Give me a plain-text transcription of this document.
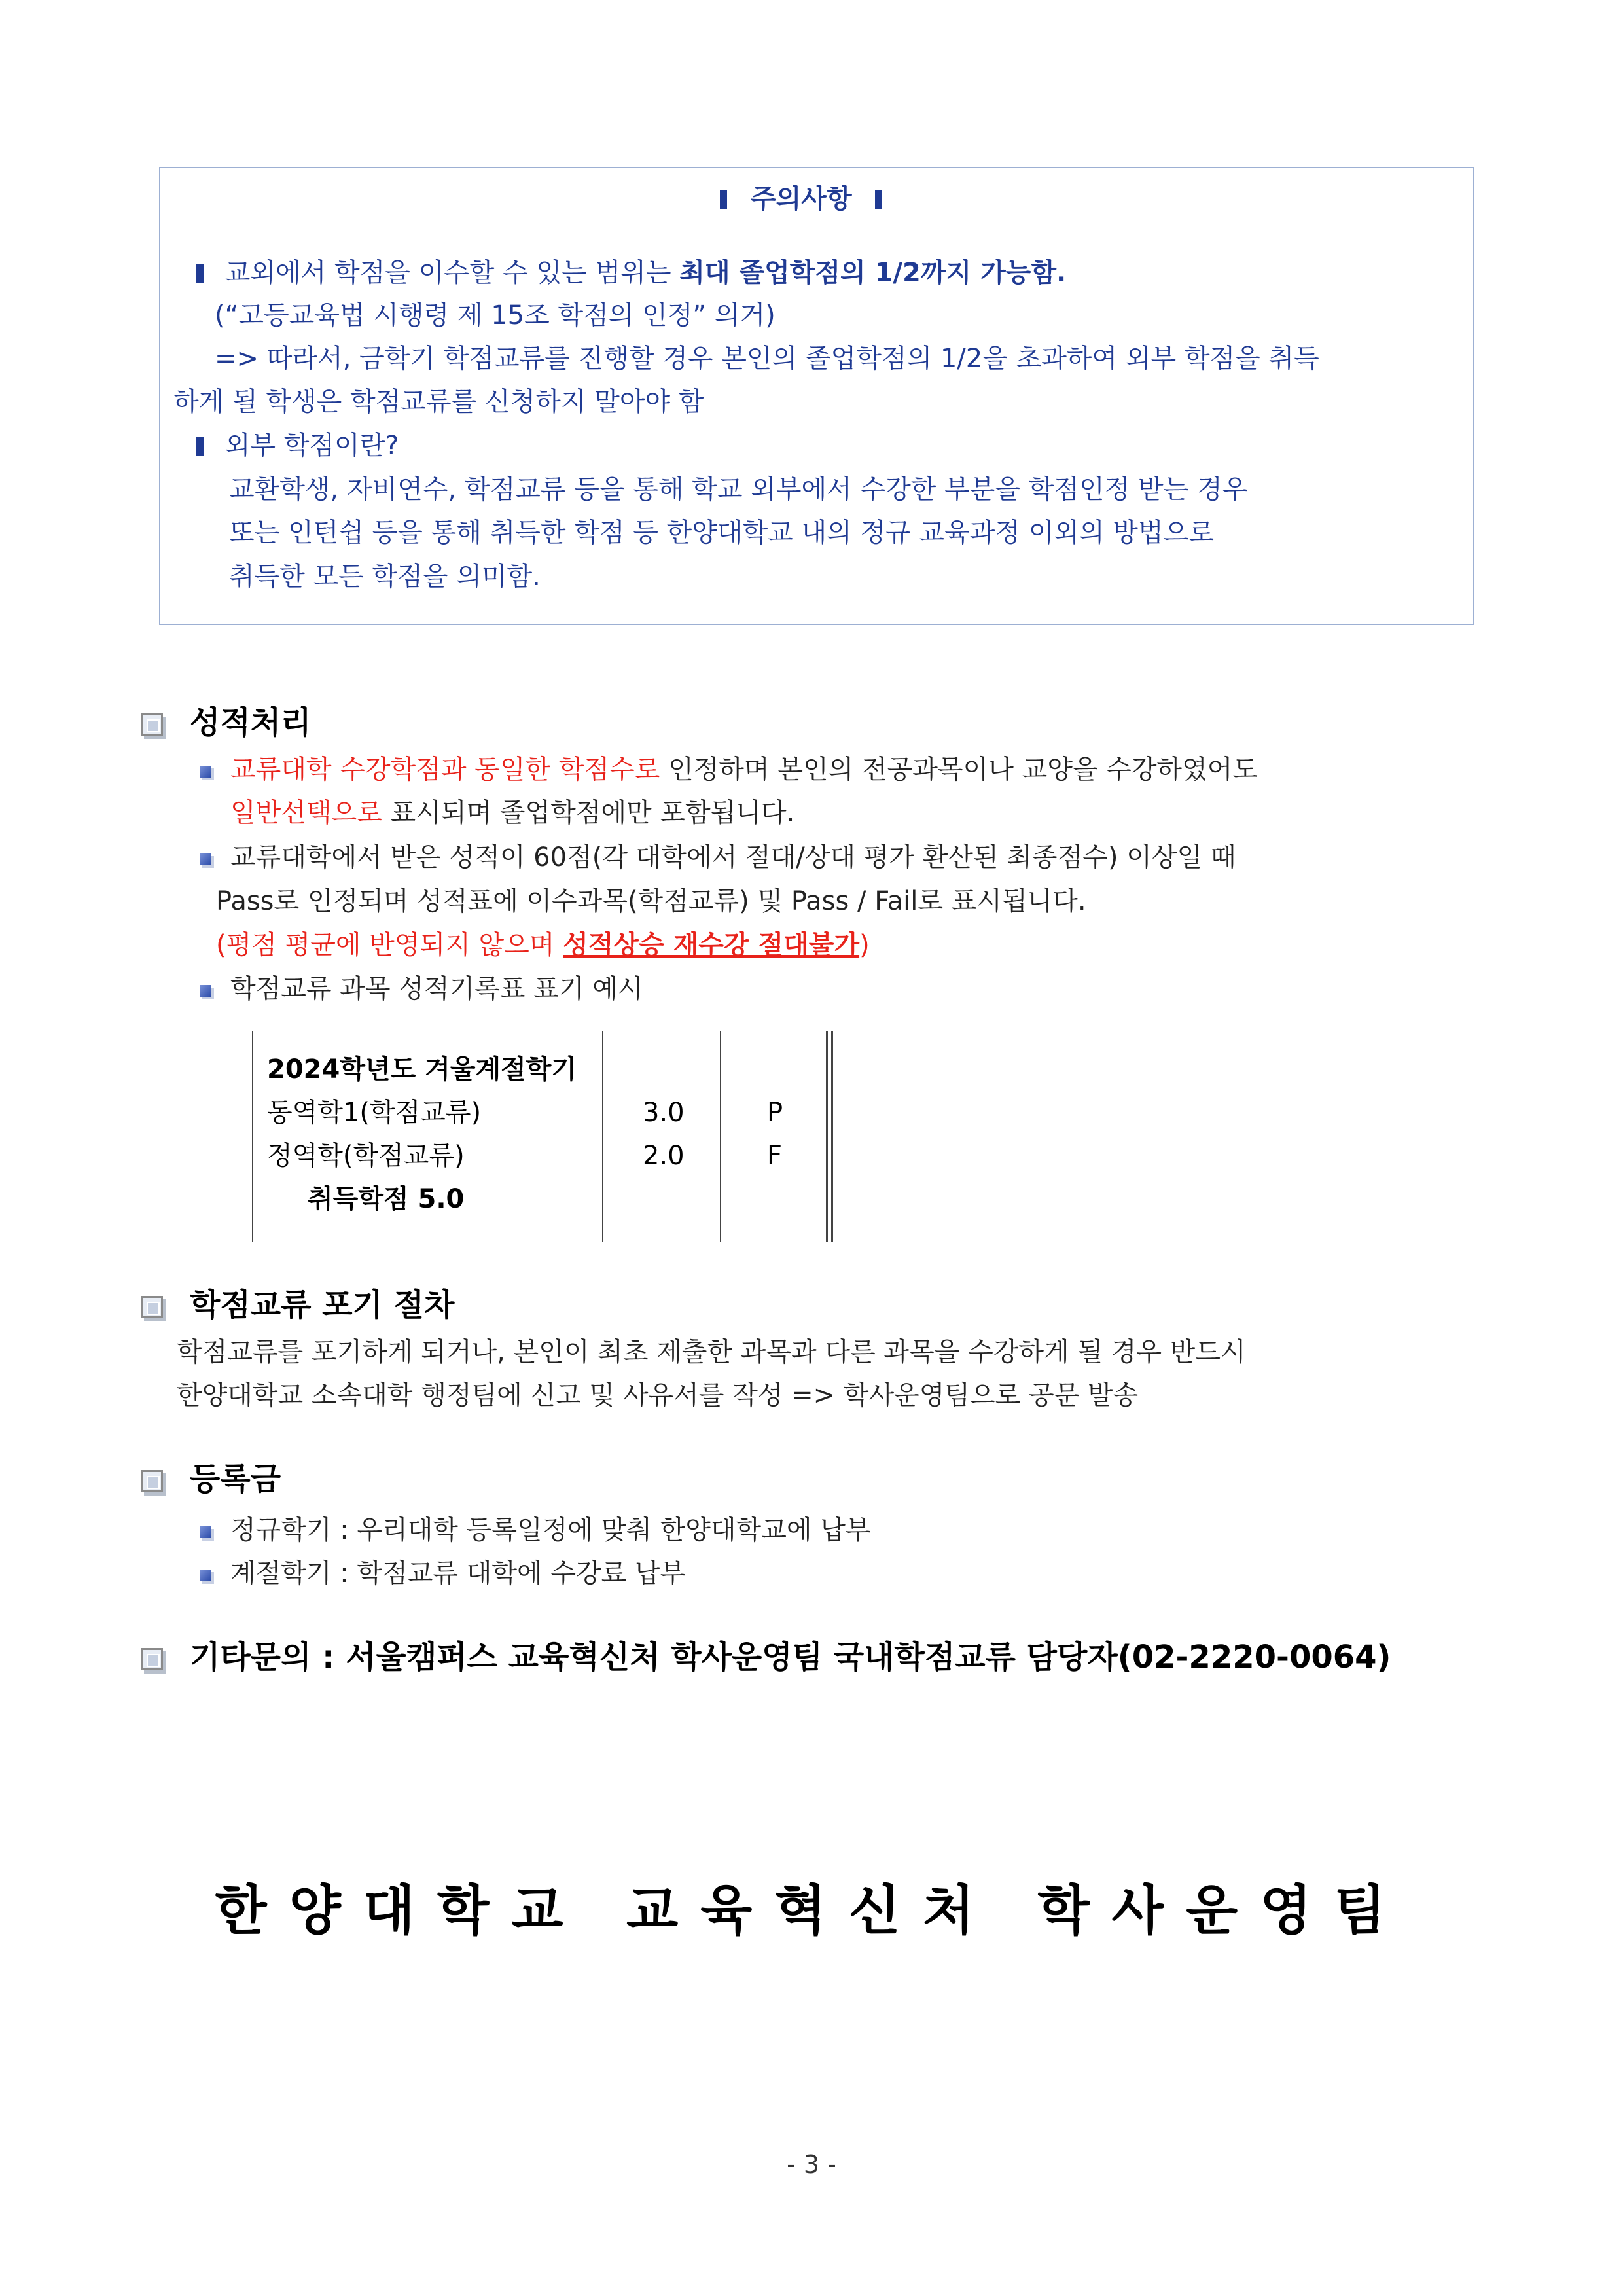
주의사항
교외에서 학점을 이수할 수 있는 범위는 최대 졸업학점의 1/2까지 가능함.
(“고등교육법 시행령 제 15조 학점의 인정” 의거)
=> 따라서, 금학기 학점교류를 진행할 경우 본인의 졸업학점의 1/2을 초과하여 외부 학점을 취득
하게 될 학생은 학점교류를 신청하지 말아야 함
외부 학점이란?
교환학생, 자비연수, 학점교류 등을 통해 학교 외부에서 수강한 부분을 학점인정 받는 경우
또는 인턴쉽 등을 통해 취득한 학점 등 한양대학교 내의 정규 교육과정 이외의 방법으로
취득한 모든 학점을 의미함.
성적처리
교류대학 수강학점과 동일한 학점수로 인정하며 본인의 전공과목이나 교양을 수강하였어도
일반선택으로 표시되며 졸업학점에만 포함됩니다.
교류대학에서 받은 성적이 60점(각 대학에서 절대/상대 평가 환산된 최종점수) 이상일 때
Pass로 인정되며 성적표에 이수과목(학점교류) 및 Pass / Fail로 표시됩니다.
(평점 평균에 반영되지 않으며 성적상승 재수강 절대불가)
학점교류 과목 성적기록표 표기 예시
2024학년도 겨울계절학기
동역학1(학점교류)	3.0	P
정역학(학점교류)	2.0	F
취득학점 5.0
학점교류 포기 절차
학점교류를 포기하게 되거나, 본인이 최초 제출한 과목과 다른 과목을 수강하게 될 경우 반드시
한양대학교 소속대학 행정팀에 신고 및 사유서를 작성 => 학사운영팀으로 공문 발송
등록금
정규학기 : 우리대학 등록일정에 맞춰 한양대학교에 납부
계절학기 : 학점교류 대학에 수강료 납부
기타문의 : 서울캠퍼스 교육혁신처 학사운영팀 국내학점교류 담당자(02-2220-0064)
한양대학교 교육혁신처 학사운영팀
- 3 -
